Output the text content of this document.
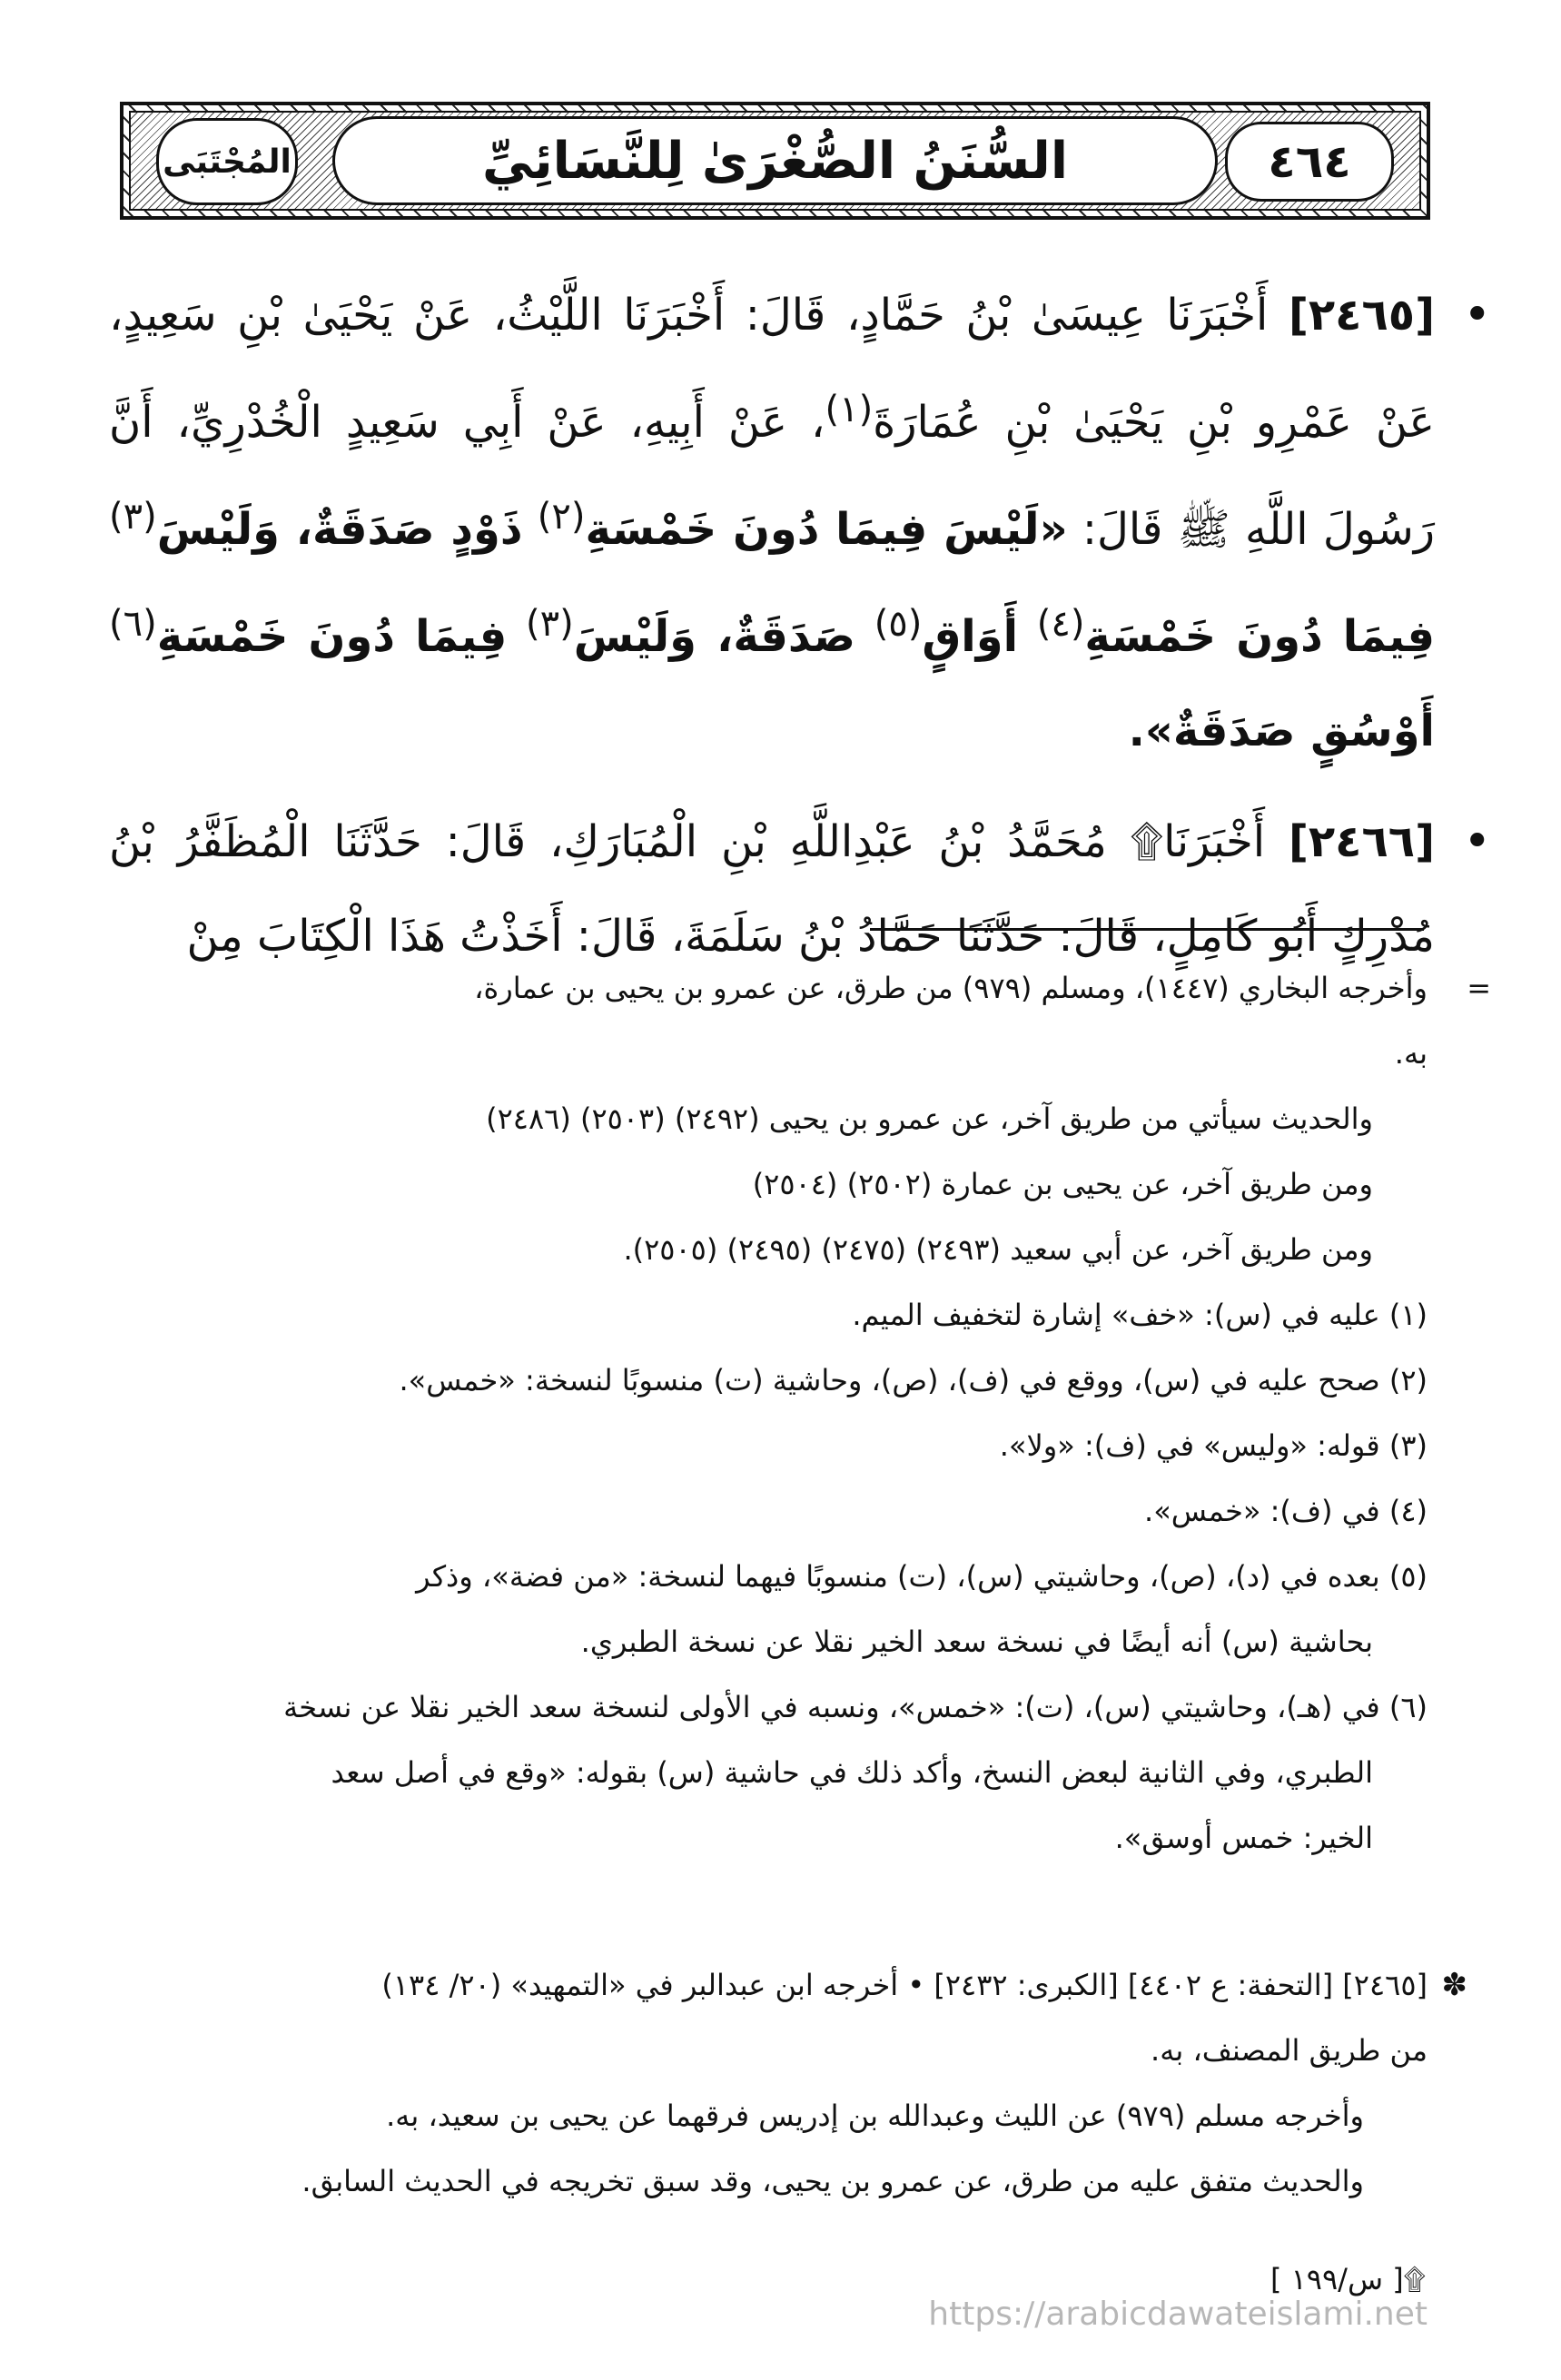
المُجْتَبَى	السُّنَنُ الصُّغْرَىٰ لِلنَّسَائِيِّ	٤٦٤

•
[٢٤٦٥] أَخْبَرَنَا عِيسَىٰ بْنُ حَمَّادٍ، قَالَ: أَخْبَرَنَا اللَّيْثُ، عَنْ يَحْيَىٰ بْنِ سَعِيدٍ، عَنْ عَمْرِو بْنِ يَحْيَىٰ بْنِ عُمَارَةَ$^{(١)}$، عَنْ أَبِيهِ، عَنْ أَبِي سَعِيدٍ الْخُدْرِيِّ، أَنَّ رَسُولَ اللَّهِ ﷺ قَالَ: «لَيْسَ فِيمَا دُونَ خَمْسَةِ$^{(٢)}$ ذَوْدٍ صَدَقَةٌ، وَلَيْسَ$^{(٣)}$ فِيمَا دُونَ خَمْسَةِ$^{(٤)}$ أَوَاقٍ$^{(٥)}$ صَدَقَةٌ، وَلَيْسَ$^{(٣)}$ فِيمَا دُونَ خَمْسَةِ$^{(٦)}$ أَوْسُقٍ صَدَقَةٌ».

•
[٢٤٦٦] أَخْبَرَنَا۩ مُحَمَّدُ بْنُ عَبْدِاللَّهِ بْنِ الْمُبَارَكِ، قَالَ: حَدَّثَنَا الْمُظَفَّرُ بْنُ مُدْرِكٍ أَبُو كَامِلٍ، قَالَ: حَدَّثَنَا حَمَّادُ بْنُ سَلَمَةَ، قَالَ: أَخَذْتُ هَذَا الْكِتَابَ مِنْ

=

وأخرجه البخاري (١٤٤٧)، ومسلم (٩٧٩) من طرق، عن عمرو بن يحيى بن عمارة،

به.

والحديث سيأتي من طريق آخر، عن عمرو بن يحيى (٢٤٩٢) (٢٥٠٣) (٢٤٨٦)

ومن طريق آخر، عن يحيى بن عمارة (٢٥٠٢) (٢٥٠٤)

ومن طريق آخر، عن أبي سعيد (٢٤٩٣) (٢٤٧٥) (٢٤٩٥) (٢٥٠٥).

(١) عليه في (س): «خف» إشارة لتخفيف الميم.

(٢) صحح عليه في (س)، ووقع في (ف)، (ص)، وحاشية (ت) منسوبًا لنسخة: «خمس».

(٣) قوله: «وليس» في (ف): «ولا».

(٤) في (ف): «خمس».

(٥) بعده في (د)، (ص)، وحاشيتي (س)، (ت) منسوبًا فيهما لنسخة: «من فضة»، وذكر

بحاشية (س) أنه أيضًا في نسخة سعد الخير نقلا عن نسخة الطبري.

(٦) في (هـ)، وحاشيتي (س)، (ت): «خمس»، ونسبه في الأولى لنسخة سعد الخير نقلا عن نسخة

الطبري، وفي الثانية لبعض النسخ، وأكد ذلك في حاشية (س) بقوله: «وقع في أصل سعد

الخير: خمس أوسق».

✽

[٢٤٦٥] [التحفة: ع ٤٤٠٢] [الكبرى: ٢٤٣٢] • أخرجه ابن عبدالبر في «التمهيد» (٢٠/ ١٣٤)

من طريق المصنف، به.

وأخرجه مسلم (٩٧٩) عن الليث وعبدالله بن إدريس فرقهما عن يحيى بن سعيد، به.

والحديث متفق عليه من طرق، عن عمرو بن يحيى، وقد سبق تخريجه في الحديث السابق.

۩[ س/١٩٩ ]
https://arabicdawateislami.net
